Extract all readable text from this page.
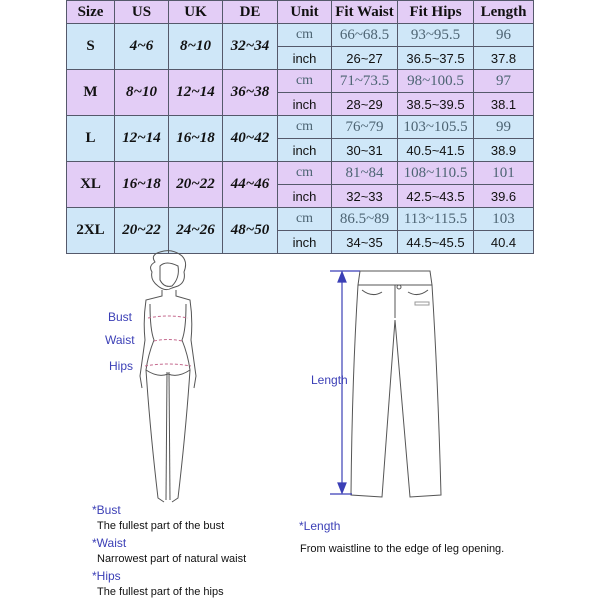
Size	US	UK	DE	Unit	Fit Waist	Fit Hips	Length
S	4~6	8~10	32~34	cm	66~68.5	93~95.5	96
				inch	26~27	36.5~37.5	37.8
M	8~10	12~14	36~38	cm	71~73.5	98~100.5	97
				inch	28~29	38.5~39.5	38.1
L	12~14	16~18	40~42	cm	76~79	103~105.5	99
				inch	30~31	40.5~41.5	38.9
XL	16~18	20~22	44~46	cm	81~84	108~110.5	101
				inch	32~33	42.5~43.5	39.6
2XL	20~22	24~26	48~50	cm	86.5~89	113~115.5	103
				inch	34~35	44.5~45.5	40.4
Bust
Waist
Hips
Length
*Bust
The fullest part of the bust
*Waist
Narrowest part of natural waist
*Hips
The fullest part of the hips
*Length
From waistline to the edge of leg opening.
